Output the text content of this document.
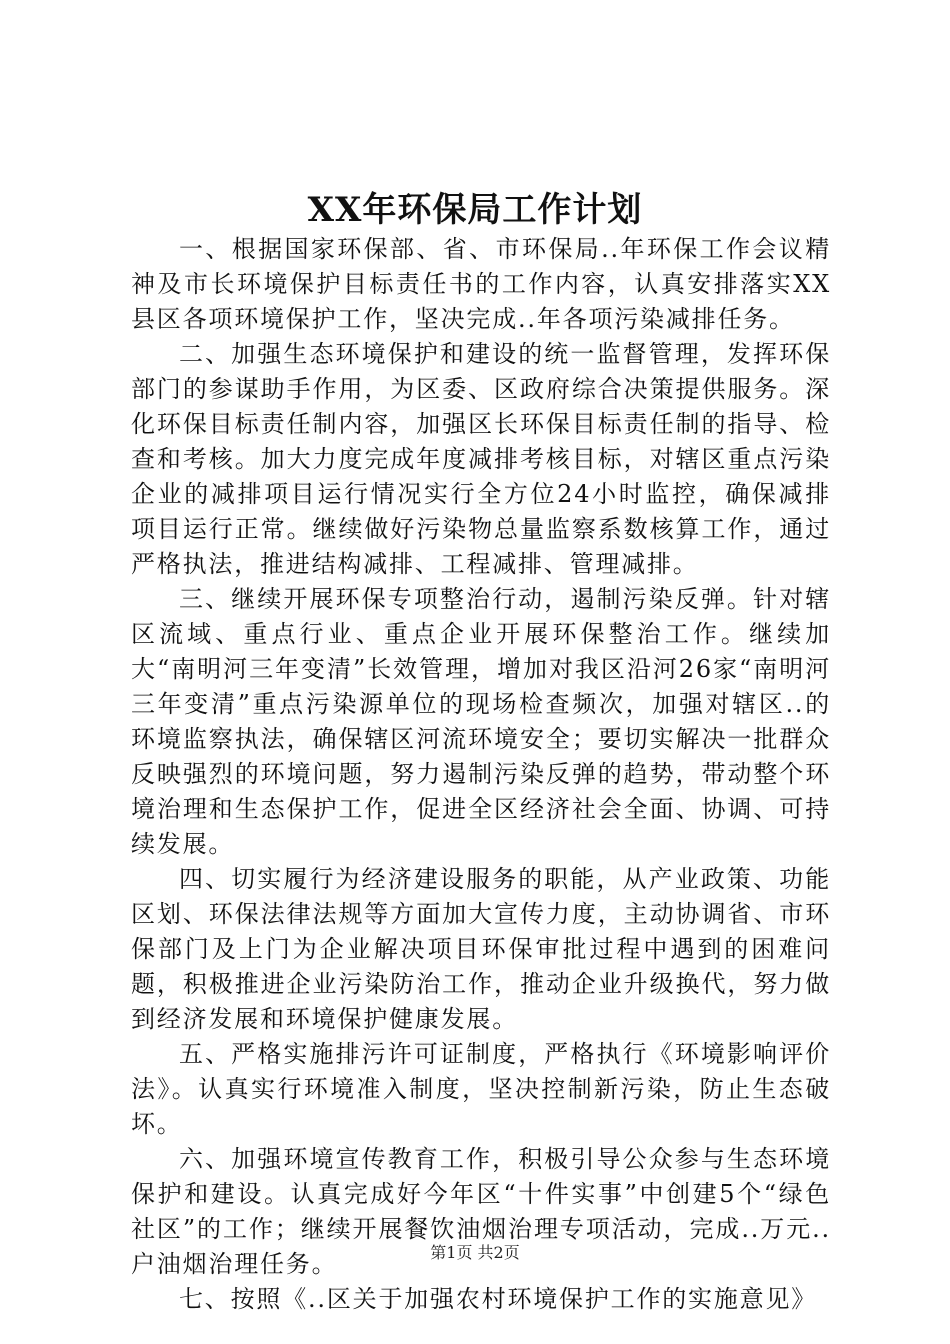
XX年环保局工作计划

一、根据国家环保部、省、市环保局..年环保工作会议精神及市长环境保护目标责任书的工作内容，认真安排落实XX县区各项环境保护工作，坚决完成..年各项污染减排任务。

二、加强生态环境保护和建设的统一监督管理，发挥环保部门的参谋助手作用，为区委、区政府综合决策提供服务。深化环保目标责任制内容，加强区长环保目标责任制的指导、检查和考核。加大力度完成年度减排考核目标，对辖区重点污染企业的减排项目运行情况实行全方位24小时监控，确保减排项目运行正常。继续做好污染物总量监察系数核算工作，通过严格执法，推进结构减排、工程减排、管理减排。

三、继续开展环保专项整治行动，遏制污染反弹。针对辖区流域、重点行业、重点企业开展环保整治工作。继续加大“南明河三年变清”长效管理，增加对我区沿河26家“南明河三年变清”重点污染源单位的现场检查频次，加强对辖区..的环境监察执法，确保辖区河流环境安全；要切实解决一批群众反映强烈的环境问题，努力遏制污染反弹的趋势，带动整个环境治理和生态保护工作，促进全区经济社会全面、协调、可持续发展。

四、切实履行为经济建设服务的职能，从产业政策、功能区划、环保法律法规等方面加大宣传力度，主动协调省、市环保部门及上门为企业解决项目环保审批过程中遇到的困难问题，积极推进企业污染防治工作，推动企业升级换代，努力做到经济发展和环境保护健康发展。

五、严格实施排污许可证制度，严格执行《环境影响评价法》。认真实行环境准入制度，坚决控制新污染，防止生态破坏。

六、加强环境宣传教育工作，积极引导公众参与生态环境保护和建设。认真完成好今年区“十件实事”中创建5个“绿色社区”的工作；继续开展餐饮油烟治理专项活动，完成..万元..户油烟治理任务。

七、按照《..区关于加强农村环境保护工作的实施意见》

第1页 共2页
